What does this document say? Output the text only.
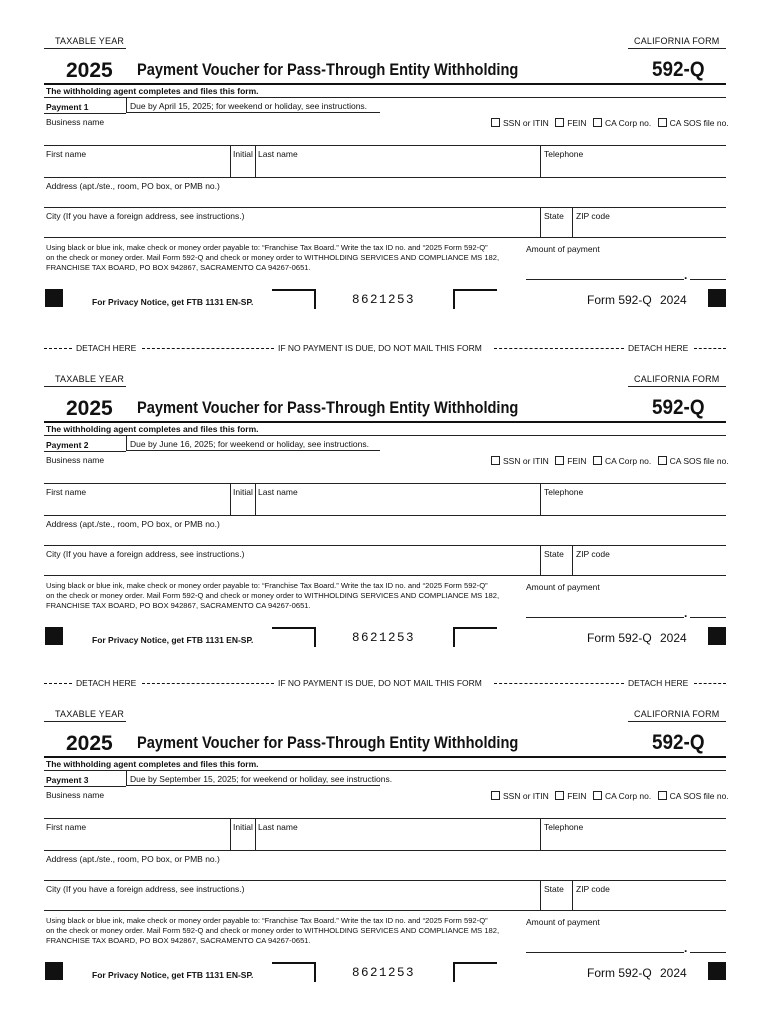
TAXABLE YEAR	CALIFORNIA FORM
2025 Payment Voucher for Pass-Through Entity Withholding	592-Q
The withholding agent completes and files this form.
Payment 1	Due by April 15, 2025; for weekend or holiday, see instructions.
Business name	SSN or ITIN FEIN CA Corp no. CA SOS file no.
First name	Initial Last name	Telephone
Address (apt./ste., room, PO box, or PMB no.)
City (If you have a foreign address, see instructions.)	State ZIP code
Using black or blue ink, make check or money order payable to: “Franchise Tax Board.” Write the tax ID no. and “2025 Form 592-Q”
on the check or money order. Mail Form 592-Q and check or money order to WITHHOLDING SERVICES AND COMPLIANCE MS 182,
FRANCHISE TAX BOARD, PO BOX 942867, SACRAMENTO CA 94267-0651.
Amount of payment
.
For Privacy Notice, get FTB 1131 EN-SP.	8621253	Form 592-Q 2024
DETACH HERE	IF NO PAYMENT IS DUE, DO NOT MAIL THIS FORM	DETACH HERE
TAXABLE YEAR	CALIFORNIA FORM
2025 Payment Voucher for Pass-Through Entity Withholding	592-Q
The withholding agent completes and files this form.
Payment 2	Due by June 16, 2025; for weekend or holiday, see instructions.
Business name	SSN or ITIN FEIN CA Corp no. CA SOS file no.
First name	Initial Last name	Telephone
Address (apt./ste., room, PO box, or PMB no.)
City (If you have a foreign address, see instructions.)	State ZIP code
Using black or blue ink, make check or money order payable to: “Franchise Tax Board.” Write the tax ID no. and “2025 Form 592-Q”
on the check or money order. Mail Form 592-Q and check or money order to WITHHOLDING SERVICES AND COMPLIANCE MS 182,
FRANCHISE TAX BOARD, PO BOX 942867, SACRAMENTO CA 94267-0651.
Amount of payment
.
For Privacy Notice, get FTB 1131 EN-SP.	8621253	Form 592-Q 2024
DETACH HERE	IF NO PAYMENT IS DUE, DO NOT MAIL THIS FORM	DETACH HERE
TAXABLE YEAR	CALIFORNIA FORM
2025 Payment Voucher for Pass-Through Entity Withholding	592-Q
The withholding agent completes and files this form.
Payment 3	Due by September 15, 2025; for weekend or holiday, see instructions.
Business name	SSN or ITIN FEIN CA Corp no. CA SOS file no.
First name	Initial Last name	Telephone
Address (apt./ste., room, PO box, or PMB no.)
City (If you have a foreign address, see instructions.)	State ZIP code
Using black or blue ink, make check or money order payable to: “Franchise Tax Board.” Write the tax ID no. and “2025 Form 592-Q”
on the check or money order. Mail Form 592-Q and check or money order to WITHHOLDING SERVICES AND COMPLIANCE MS 182,
FRANCHISE TAX BOARD, PO BOX 942867, SACRAMENTO CA 94267-0651.
Amount of payment
.
For Privacy Notice, get FTB 1131 EN-SP.	8621253	Form 592-Q 2024
